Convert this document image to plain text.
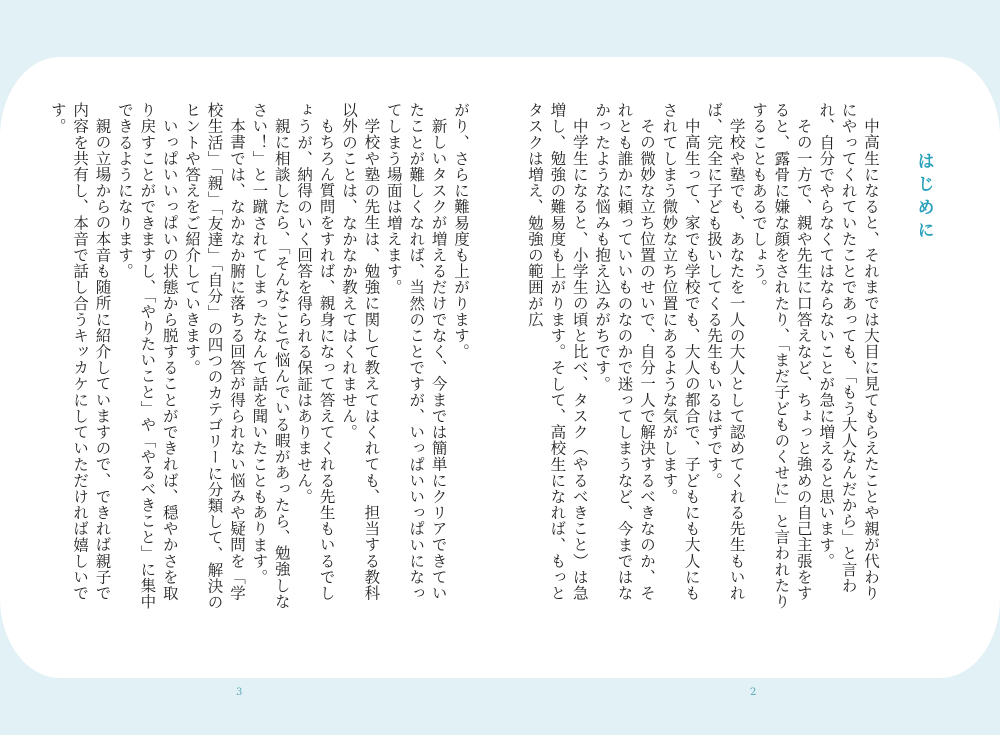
はじめに

中高生になると、それまでは大目に見てもらえたことや親が代わりにやってくれていたことであっても、「もう大人なんだから」と言われ、自分でやらなくてはならないことが急に増えると思います。

その一方で、親や先生に口答えなど、ちょっと強めの自己主張をすると、露骨に嫌な顔をされたり、「まだ子どものくせに」と言われたりすることもあるでしょう。

学校や塾でも、あなたを一人の大人として認めてくれる先生もいれば、完全に子ども扱いしてくる先生もいるはずです。

中高生って、家でも学校でも、大人の都合で、子どもにも大人にもされてしまう微妙な立ち位置にあるような気がします。

その微妙な立ち位置のせいで、自分一人で解決するべきなのか、それとも誰かに頼っていいものなのかで迷ってしまうなど、今まではなかったような悩みも抱え込みがちです。

中学生になると、小学生の頃と比べ、タスク（やるべきこと）は急増し、勉強の難易度も上がります。そして、高校生になれば、もっとタスクは増え、勉強の範囲が広

がり、さらに難易度も上がります。

新しいタスクが増えるだけでなく、今までは簡単にクリアできていたことが難しくなれば、当然のことですが、いっぱいいっぱいになってしまう場面は増えます。

学校や塾の先生は、勉強に関して教えてはくれても、担当する教科以外のことは、なかなか教えてはくれません。

もちろん質問をすれば、親身になって答えてくれる先生もいるでしょうが、納得のいく回答を得られる保証はありません。

親に相談したら、「そんなことで悩んでいる暇があったら、勉強しなさい！」と一蹴されてしまったなんて話を聞いたこともあります。

本書では、なかなか腑に落ちる回答が得られない悩みや疑問を「学校生活」「親」「友達」「自分」の四つのカテゴリーに分類して、解決のヒントや答えをご紹介していきます。

いっぱいいっぱいの状態から脱することができれば、穏やかさを取り戻すことができますし、「やりたいこと」や「やるべきこと」に集中できるようになります。

親の立場からの本音も随所に紹介していますので、できれば親子で内容を共有し、本音で話し合うキッカケにしていただければ嬉しいです。

3	2
